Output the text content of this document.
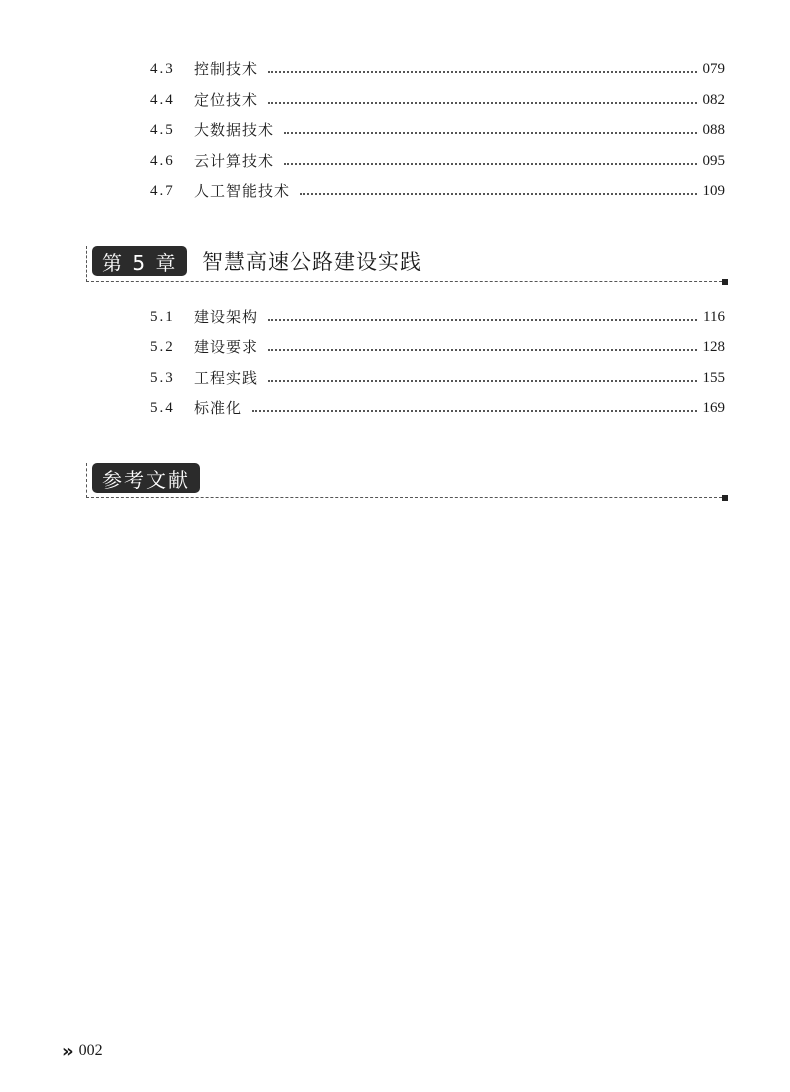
4.3	控制技术	079
4.4	定位技术	082
4.5	大数据技术	088
4.6	云计算技术	095
4.7	人工智能技术	109
第 5 章	智慧高速公路建设实践
5.1	建设架构	116
5.2	建设要求	128
5.3	工程实践	155
5.4	标准化	169
参考文献
» 002
